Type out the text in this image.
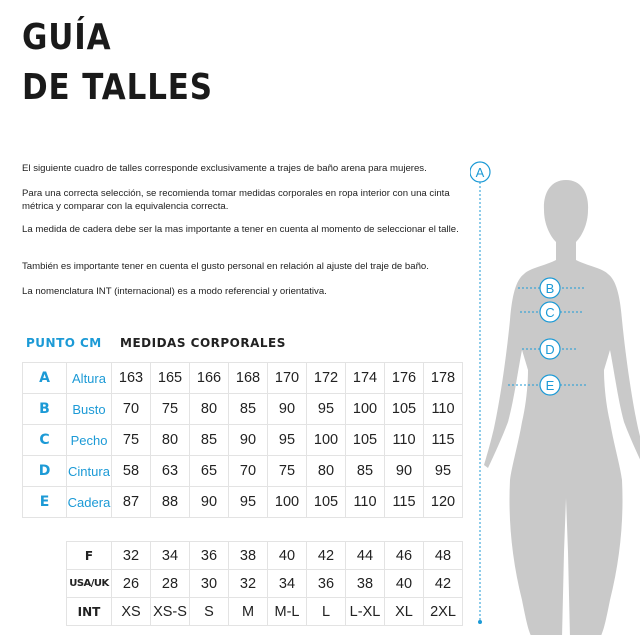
GUÍA
DE TALLES
El siguiente cuadro de talles corresponde exclusivamente a trajes de baño arena para mujeres.
Para una correcta selección, se recomienda tomar medidas corporales en ropa interior con una cinta métrica y comparar con la equivalencia correcta.
La medida de cadera debe ser la mas importante a tener en cuenta al momento de seleccionar el talle.
También es importante tener en cuenta el gusto personal en relación al ajuste del traje de baño.
La nomenclatura INT (internacional) es a modo referencial y orientativa.
PUNTO CM MEDIDAS CORPORALES
A	Altura	163	165	166	168	170	172	174	176	178
B	Busto	70	75	80	85	90	95	100	105	110
C	Pecho	75	80	85	90	95	100	105	110	115
D	Cintura	58	63	65	70	75	80	85	90	95
E	Cadera	87	88	90	95	100	105	110	115	120
F	32	34	36	38	40	42	44	46	48
USA/UK	26	28	30	32	34	36	38	40	42
INT	XS	XS-S	S	M	M-L	L	L-XL	XL	2XL
A
B
C
D
E
